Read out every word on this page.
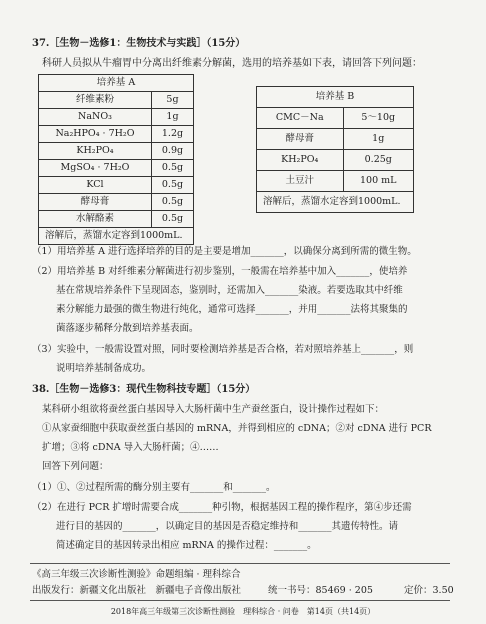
37.［生物－选修1：生物技术与实践］（15分）
科研人员拟从牛瘤胃中分离出纤维素分解菌，选用的培养基如下表，请回答下列问题：
培养基 A	
纤维素粉	5g
NaNO₃	1g
Na₂HPO₄ · 7H₂O	1.2g
KH₂PO₄	0.9g
MgSO₄ · 7H₂O	0.5g
KCl	0.5g
酵母膏	0.5g
水解酪素	0.5g
溶解后，蒸馏水定容到1000mL.	
培养基 B	
CMC－Na	5～10g
酵母膏	1g
KH₂PO₄	0.25g
土豆汁	100 mL
溶解后，蒸馏水定容到1000mL.	
（1）用培养基 A 进行选择培养的目的是主要是增加_______，以确保分离到所需的微生物。
（2）用培养基 B 对纤维素分解菌进行初步鉴别，一般需在培养基中加入_______，使培养
基在常规培养条件下呈现固态，鉴别时，还需加入_______染液。若要选取其中纤维
素分解能力最强的微生物进行纯化，通常可选择_______，并用_______法将其聚集的
菌落逐步稀释分散到培养基表面。
（3）实验中，一般需设置对照，同时要检测培养基是否合格，若对照培养基上_______，则
说明培养基制备成功。
38.［生物－选修3：现代生物科技专题］（15分）
某科研小组欲将蚕丝蛋白基因导入大肠杆菌中生产蚕丝蛋白，设计操作过程如下：
①从家蚕细胞中获取蚕丝蛋白基因的 mRNA，并得到相应的 cDNA；②对 cDNA 进行 PCR
扩增；③将 cDNA 导入大肠杆菌；④……
回答下列问题：
（1）①、②过程所需的酶分别主要有_______和_______。
（2）在进行 PCR 扩增时需要合成_______种引物，根据基因工程的操作程序，第④步还需
进行目的基因的_______，以确定目的基因是否稳定维持和_______其遗传特性。请
简述确定目的基因转录出相应 mRNA 的操作过程：_______。
《高三年级三次诊断性测验》命题组编 · 理科综合
出版发行：新疆文化出版社　新疆电子音像出版社	统一书号：85469 · 205	定价：3.50
2018年高三年级第三次诊断性测验　理科综合 · 问卷　第14页（共14页）
